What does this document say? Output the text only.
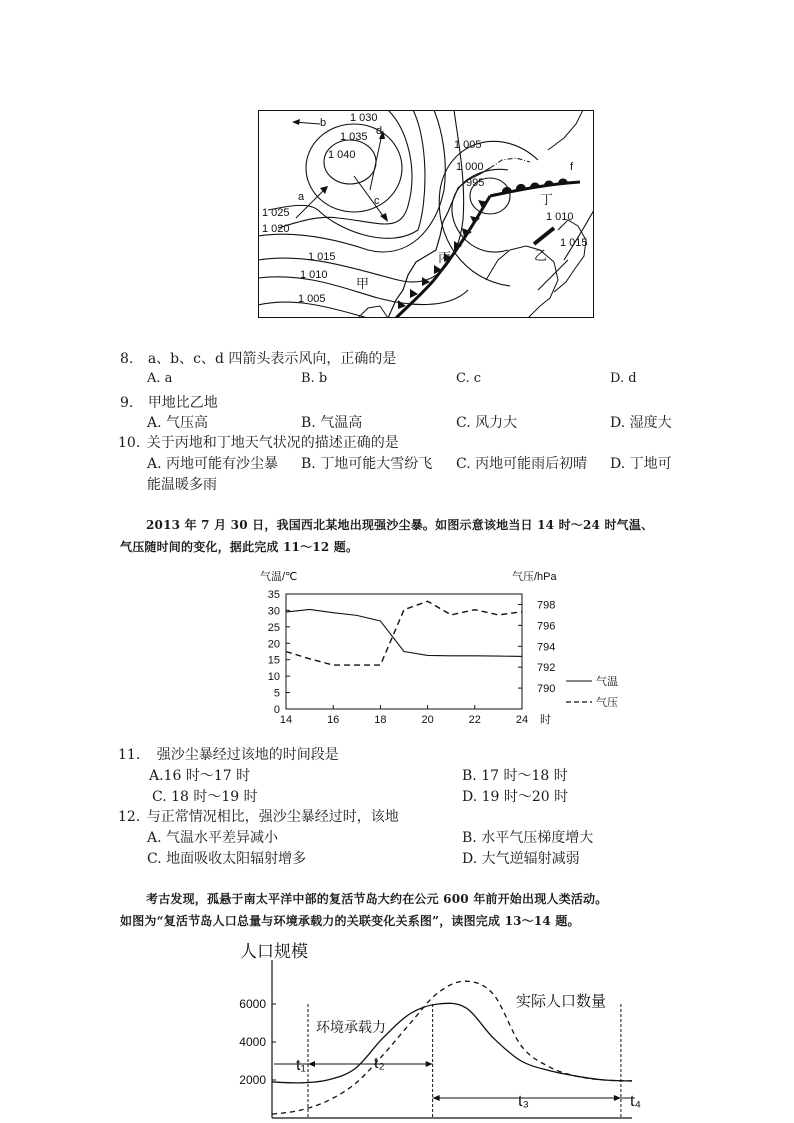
1 030
1 035
1 040
1 025
1 020
1 015
1 010
1 005
1 005
1 000
995
1 010
1 015
a
b
c
d
f
甲
乙
丙
丁
8. a、b、c、d 四箭头表示风向，正确的是
A. a	B. b	C. c	D. d
9. 甲地比乙地
A. 气压高	B. 气温高	C. 风力大	D. 湿度大
10. 关于丙地和丁地天气状况的描述正确的是
A. 丙地可能有沙尘暴 B. 丁地可能大雪纷飞 C. 丙地可能雨后初晴 D. 丁地可
能温暖多雨
2013 年 7 月 30 日，我国西北某地出现强沙尘暴。如图示意该地当日 14 时～24 时气温、
气压随时间的变化，据此完成 11～12 题。
14	16	18	20	22	24
0
5
10
15
20
25
30
35
790
792
794
796
798
气温/℃	气压/hPa
时
气温
气压
11. 强沙尘暴经过该地的时间段是
A.16 时～17 时	B. 17 时～18 时
C. 18 时～19 时	D. 19 时～20 时
12. 与正常情况相比，强沙尘暴经过时，该地
A. 气温水平差异减小	B. 水平气压梯度增大
C. 地面吸收太阳辐射增多	D. 大气逆辐射减弱
考古发现，孤悬于南太平洋中部的复活节岛大约在公元 600 年前开始出现人类活动。
如图为“复活节岛人口总量与环境承载力的关联变化关系图”，读图完成 13～14 题。
2000
4000
6000
人口规模
环境承载力
实际人口数量
t₁	t₂
t₃	t₄
